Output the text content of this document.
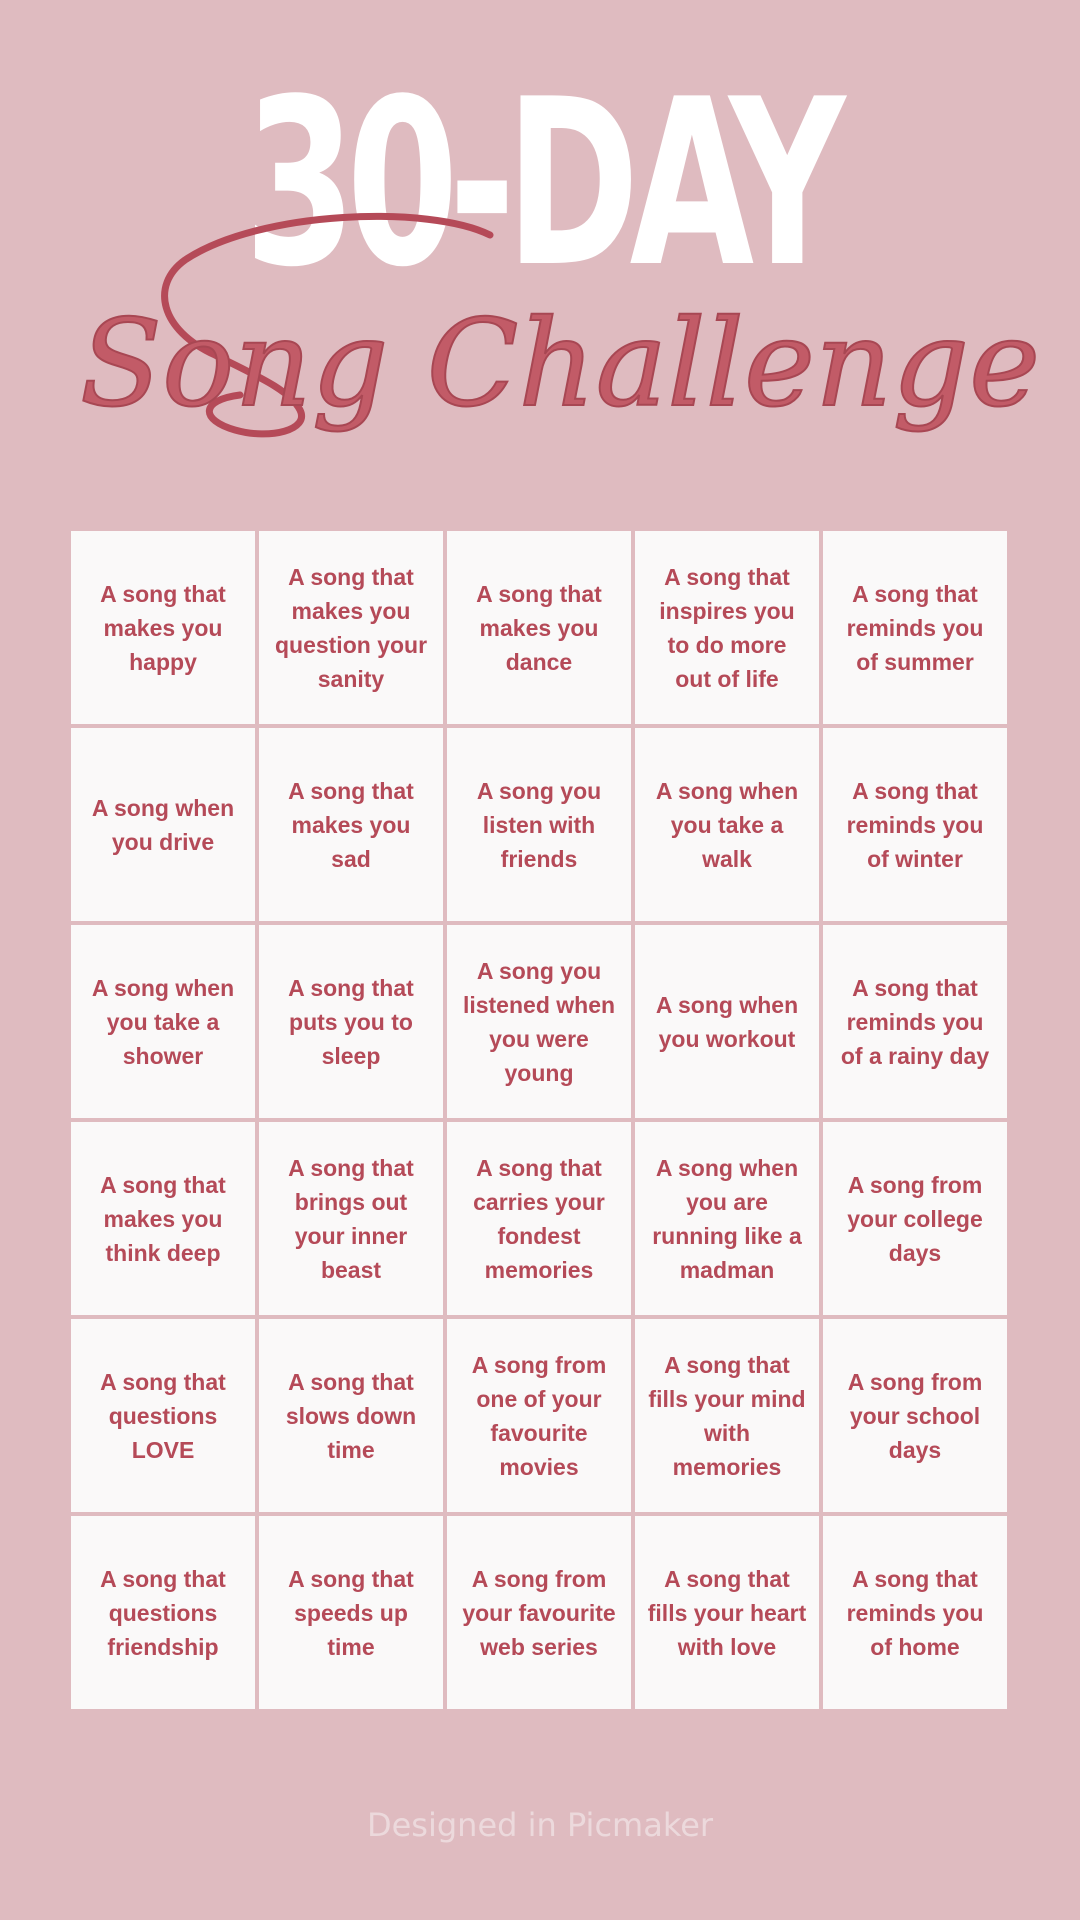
30-DAY
Song Challenge
A song that makes you happy
A song that makes you question your sanity
A song that makes you dance
A song that inspires you to do more out of life
A song that reminds you of summer
A song when you drive
A song that makes you sad
A song you listen with friends
A song when you take a walk
A song that reminds you of winter
A song when you take a shower
A song that puts you to sleep
A song you listened when you were young
A song when you workout
A song that reminds you of a rainy day
A song that makes you think deep
A song that brings out your inner beast
A song that carries your fondest memories
A song when you are running like a madman
A song from your college days
A song that questions LOVE
A song that slows down time
A song from one of your favourite movies
A song that fills your mind with memories
A song from your school days
A song that questions friendship
A song that speeds up time
A song from your favourite web series
A song that fills your heart with love
A song that reminds you of home
Designed in Picmaker
